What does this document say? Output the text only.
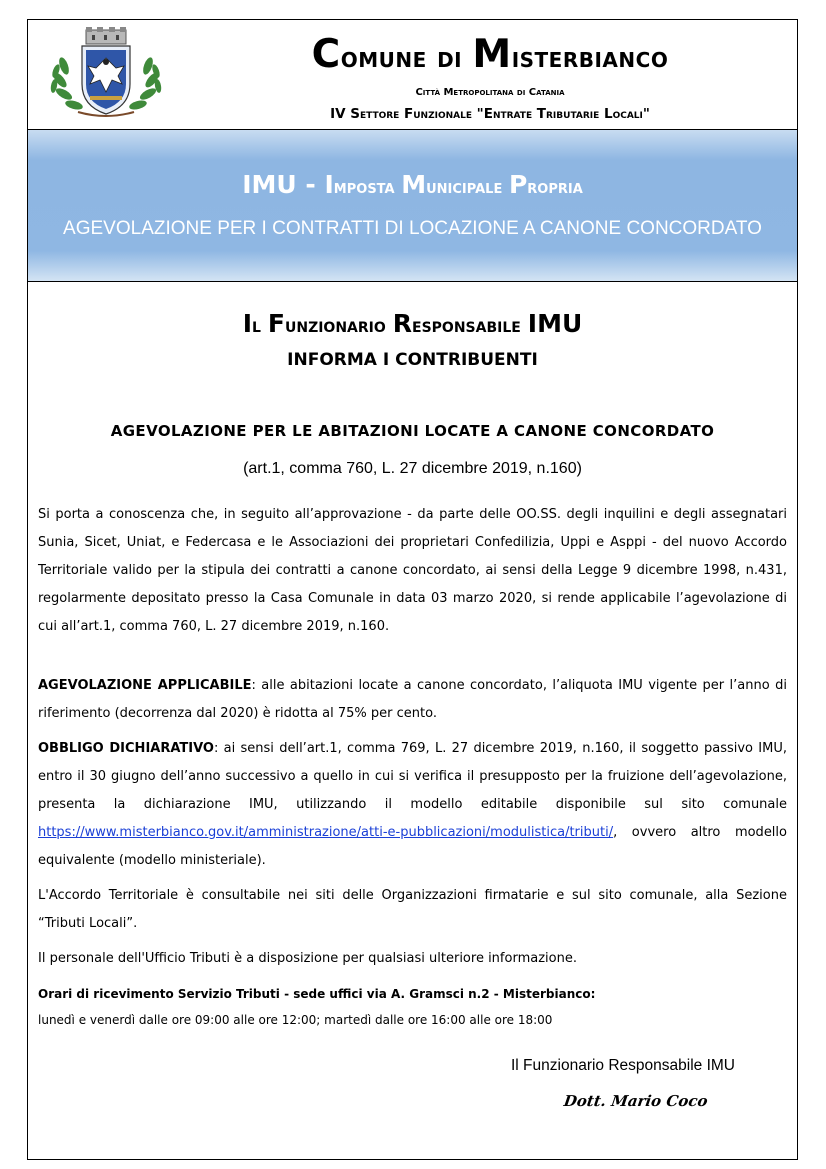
Comune di Misterbianco
Città Metropolitana di Catania
IV Settore Funzionale "Entrate Tributarie Locali"
IMU - Imposta Municipale Propria
AGEVOLAZIONE PER I CONTRATTI DI LOCAZIONE A CANONE CONCORDATO
Il Funzionario Responsabile IMU
INFORMA I CONTRIBUENTI
AGEVOLAZIONE PER LE ABITAZIONI LOCATE A CANONE CONCORDATO
(art.1, comma 760, L. 27 dicembre 2019, n.160)
Si porta a conoscenza che, in seguito all’approvazione - da parte delle OO.SS. degli inquilini e degli assegnatari Sunia, Sicet, Uniat, e Federcasa e le Associazioni dei proprietari Confedilizia, Uppi e Asppi - del nuovo Accordo Territoriale valido per la stipula dei contratti a canone concordato, ai sensi della Legge 9 dicembre 1998, n.431, regolarmente depositato presso la Casa Comunale in data 03 marzo 2020, si rende applicabile l’agevolazione di cui all’art.1, comma 760, L. 27 dicembre 2019, n.160.
AGEVOLAZIONE APPLICABILE: alle abitazioni locate a canone concordato, l’aliquota IMU vigente per l’anno di riferimento (decorrenza dal 2020) è ridotta al 75% per cento.
OBBLIGO DICHIARATIVO: ai sensi dell’art.1, comma 769, L. 27 dicembre 2019, n.160, il soggetto passivo IMU, entro il 30 giugno dell’anno successivo a quello in cui si verifica il presupposto per la fruizione dell’agevolazione, presenta la dichiarazione IMU, utilizzando il modello editabile disponibile sul sito comunale https://www.misterbianco.gov.it/amministrazione/atti-e-pubblicazioni/modulistica/tributi/, ovvero altro modello equivalente (modello ministeriale).
L'Accordo Territoriale è consultabile nei siti delle Organizzazioni firmatarie e sul sito comunale, alla Sezione “Tributi Locali”.
Il personale dell'Ufficio Tributi è a disposizione per qualsiasi ulteriore informazione.
Orari di ricevimento Servizio Tributi - sede uffici via A. Gramsci n.2 - Misterbianco:
lunedì e venerdì dalle ore 09:00 alle ore 12:00; martedì dalle ore 16:00 alle ore 18:00
Il Funzionario Responsabile IMU
Dott. Mario Coco
